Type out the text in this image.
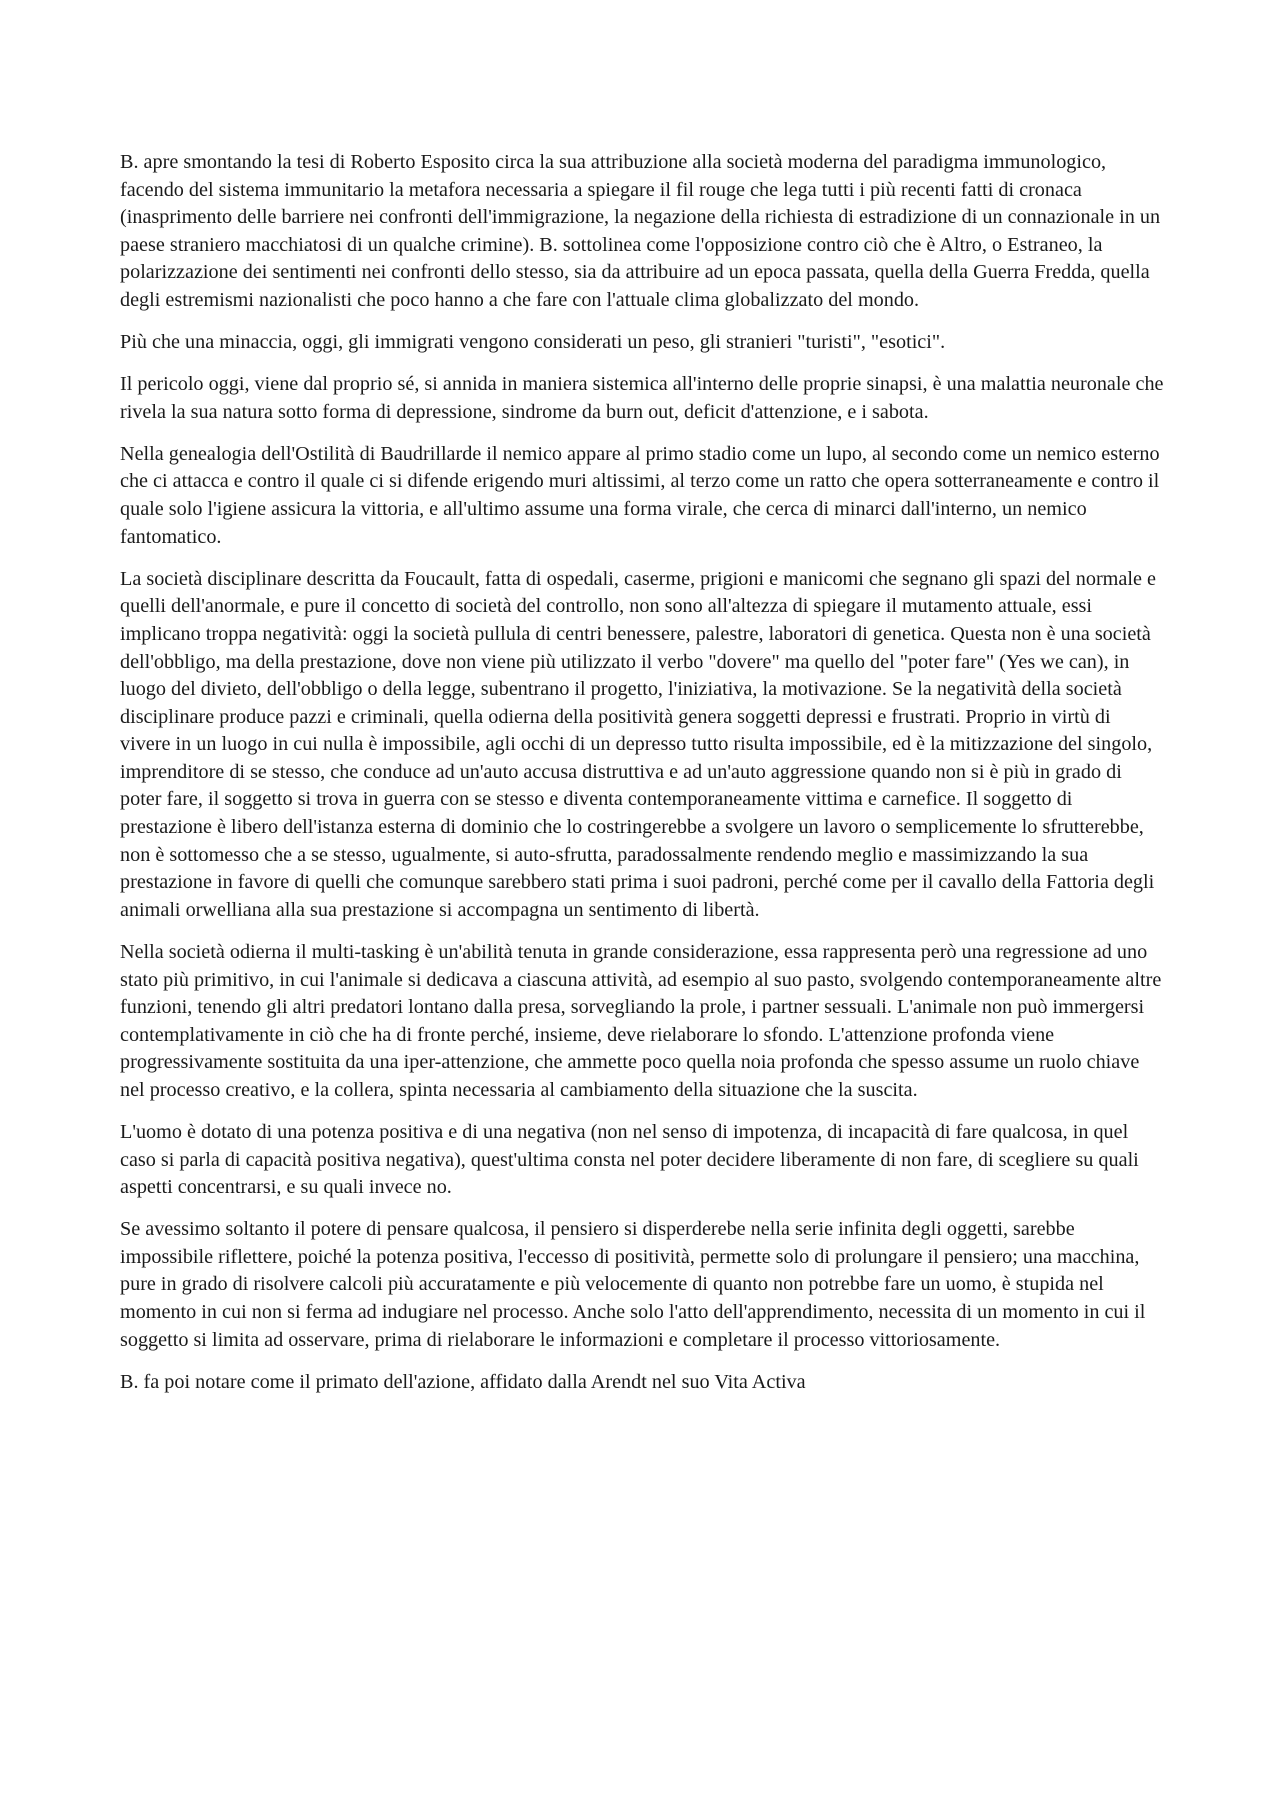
B. apre smontando la tesi di Roberto Esposito circa la sua attribuzione alla società moderna del paradigma immunologico, facendo del sistema immunitario la metafora necessaria a spiegare il fil rouge che lega tutti i più recenti fatti di cronaca (inasprimento delle barriere nei confronti dell'immigrazione, la negazione della richiesta di estradizione di un connazionale in un paese straniero macchiatosi di un qualche crimine). B. sottolinea come l'opposizione contro ciò che è Altro, o Estraneo, la polarizzazione dei sentimenti nei confronti dello stesso, sia da attribuire ad un epoca passata, quella della Guerra Fredda, quella degli estremismi nazionalisti che poco hanno a che fare con l'attuale clima globalizzato del mondo.

Più che una minaccia, oggi, gli immigrati vengono considerati un peso, gli stranieri "turisti", "esotici".

Il pericolo oggi, viene dal proprio sé, si annida in maniera sistemica all'interno delle proprie sinapsi, è una malattia neuronale che rivela la sua natura sotto forma di depressione, sindrome da burn out, deficit d'attenzione, e i sabota.

Nella genealogia dell'Ostilità di Baudrillarde il nemico appare al primo stadio come un lupo, al secondo come un nemico esterno che ci attacca e contro il quale ci si difende erigendo muri altissimi, al terzo come un ratto che opera sotterraneamente e contro il quale solo l'igiene assicura la vittoria, e all'ultimo assume una forma virale, che cerca di minarci dall'interno, un nemico fantomatico.

La società disciplinare descritta da Foucault, fatta di ospedali, caserme, prigioni e manicomi che segnano gli spazi del normale e quelli dell'anormale, e pure il concetto di società del controllo, non sono all'altezza di spiegare il mutamento attuale, essi implicano troppa negatività: oggi la società pullula di centri benessere, palestre, laboratori di genetica. Questa non è una società dell'obbligo, ma della prestazione, dove non viene più utilizzato il verbo "dovere" ma quello del "poter fare" (Yes we can), in luogo del divieto, dell'obbligo o della legge, subentrano il progetto, l'iniziativa, la motivazione. Se la negatività della società disciplinare produce pazzi e criminali, quella odierna della positività genera soggetti depressi e frustrati. Proprio in virtù di vivere in un luogo in cui nulla è impossibile, agli occhi di un depresso tutto risulta impossibile, ed è la mitizzazione del singolo, imprenditore di se stesso, che conduce ad un'auto accusa distruttiva e ad un'auto aggressione quando non si è più in grado di poter fare, il soggetto si trova in guerra con se stesso e diventa contemporaneamente vittima e carnefice. Il soggetto di prestazione è libero dell'istanza esterna di dominio che lo costringerebbe a svolgere un lavoro o semplicemente lo sfrutterebbe, non è sottomesso che a se stesso, ugualmente, si auto-sfrutta, paradossalmente rendendo meglio e massimizzando la sua prestazione in favore di quelli che comunque sarebbero stati prima i suoi padroni, perché come per il cavallo della Fattoria degli animali orwelliana alla sua prestazione si accompagna un sentimento di libertà.

Nella società odierna il multi-tasking è un'abilità tenuta in grande considerazione, essa rappresenta però una regressione ad uno stato più primitivo, in cui l'animale si dedicava a ciascuna attività, ad esempio al suo pasto, svolgendo contemporaneamente altre funzioni, tenendo gli altri predatori lontano dalla presa, sorvegliando la prole, i partner sessuali. L'animale non può immergersi contemplativamente in ciò che ha di fronte perché, insieme, deve rielaborare lo sfondo. L'attenzione profonda viene progressivamente sostituita da una iper-attenzione, che ammette poco quella noia profonda che spesso assume un ruolo chiave nel processo creativo, e la collera, spinta necessaria al cambiamento della situazione che la suscita.

L'uomo è dotato di una potenza positiva e di una negativa (non nel senso di impotenza, di incapacità di fare qualcosa, in quel caso si parla di capacità positiva negativa), quest'ultima consta nel poter decidere liberamente di non fare, di scegliere su quali aspetti concentrarsi, e su quali invece no.

Se avessimo soltanto il potere di pensare qualcosa, il pensiero si disperderebe nella serie infinita degli oggetti, sarebbe impossibile riflettere, poiché la potenza positiva, l'eccesso di positività, permette solo di prolungare il pensiero; una macchina, pure in grado di risolvere calcoli più accuratamente e più velocemente di quanto non potrebbe fare un uomo, è stupida nel momento in cui non si ferma ad indugiare nel processo. Anche solo l'atto dell'apprendimento, necessita di un momento in cui il soggetto si limita ad osservare, prima di rielaborare le informazioni e completare il processo vittoriosamente.

B. fa poi notare come il primato dell'azione, affidato dalla Arendt nel suo Vita Activa
